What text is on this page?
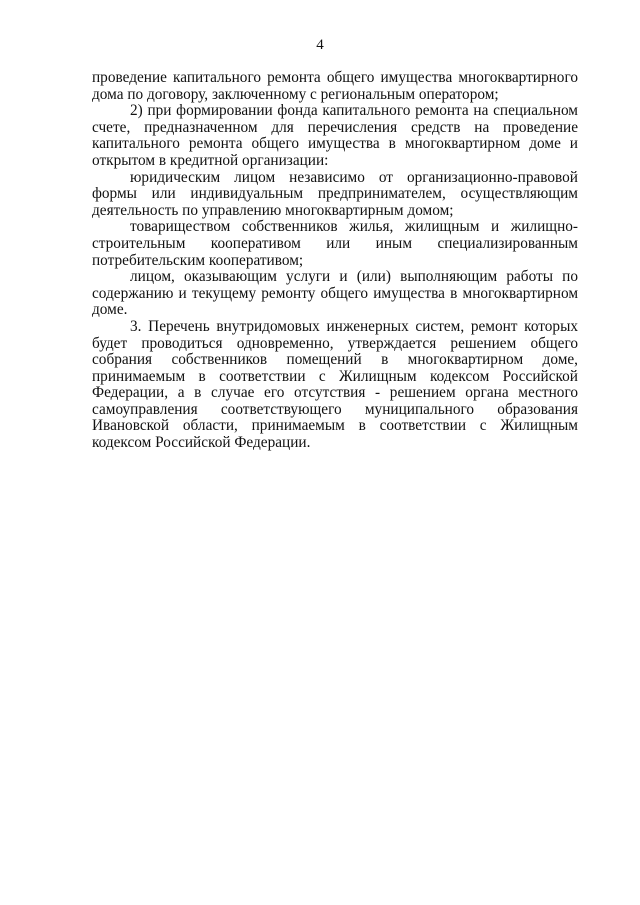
4

проведение капитального ремонта общего имущества многоквартирного дома по договору, заключенному с региональным оператором;

2) при формировании фонда капитального ремонта на специальном счете, предназначенном для перечисления средств на проведение капитального ремонта общего имущества в многоквартирном доме и открытом в кредитной организации:

юридическим лицом независимо от организационно-правовой формы или индивидуальным предпринимателем, осуществляющим деятельность по управлению многоквартирным домом;

товариществом собственников жилья, жилищным и жилищно-строительным кооперативом или иным специализированным потребительским кооперативом;

лицом, оказывающим услуги и (или) выполняющим работы по содержанию и текущему ремонту общего имущества в многоквартирном доме.

3. Перечень внутридомовых инженерных систем, ремонт которых будет проводиться одновременно, утверждается решением общего собрания собственников помещений в многоквартирном доме, принимаемым в соответствии с Жилищным кодексом Российской Федерации, а в случае его отсутствия - решением органа местного самоуправления соответствующего муниципального образования Ивановской области, принимаемым в соответствии с Жилищным кодексом Российской Федерации.
